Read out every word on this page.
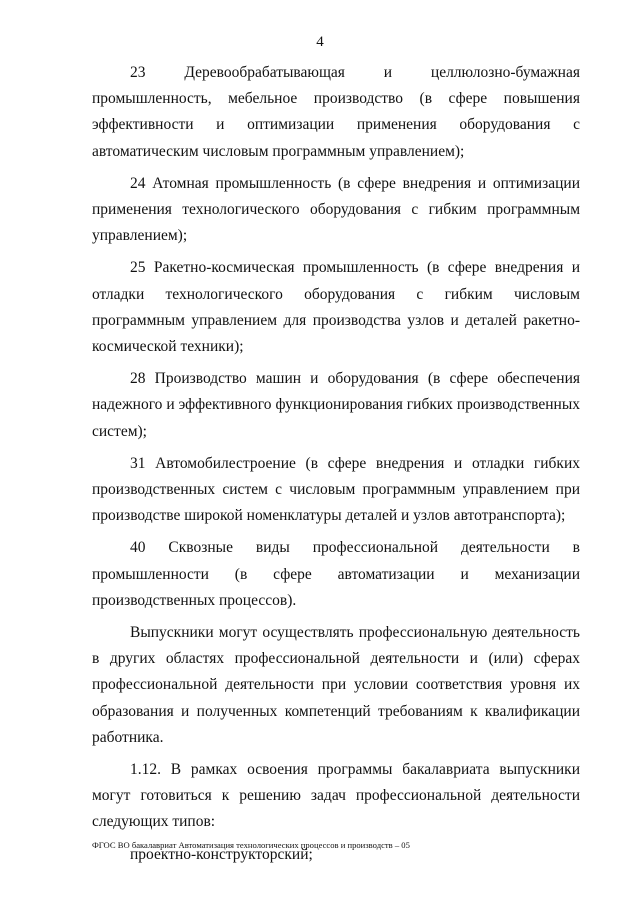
4

23 Деревообрабатывающая и целлюлозно-бумажная промышленность, мебельное производство (в сфере повышения эффективности и оптимизации применения оборудования с автоматическим числовым программным управлением);

24 Атомная промышленность (в сфере внедрения и оптимизации применения технологического оборудования с гибким программным управлением);

25 Ракетно-космическая промышленность (в сфере внедрения и отладки технологического оборудования с гибким числовым программным управлением для производства узлов и деталей ракетно-космической техники);

28 Производство машин и оборудования (в сфере обеспечения надежного и эффективного функционирования гибких производственных систем);

31 Автомобилестроение (в сфере внедрения и отладки гибких производственных систем с числовым программным управлением при производстве широкой номенклатуры деталей и узлов автотранспорта);

40 Сквозные виды профессиональной деятельности в промышленности (в сфере автоматизации и механизации производственных процессов).

Выпускники могут осуществлять профессиональную деятельность в других областях профессиональной деятельности и (или) сферах профессиональной деятельности при условии соответствия уровня их образования и полученных компетенций требованиям к квалификации работника.

1.12. В рамках освоения программы бакалавриата выпускники могут готовиться к решению задач профессиональной деятельности следующих типов:

проектно-конструкторский;

ФГОС ВО бакалавриат Автоматизация технологических процессов и производств – 05
